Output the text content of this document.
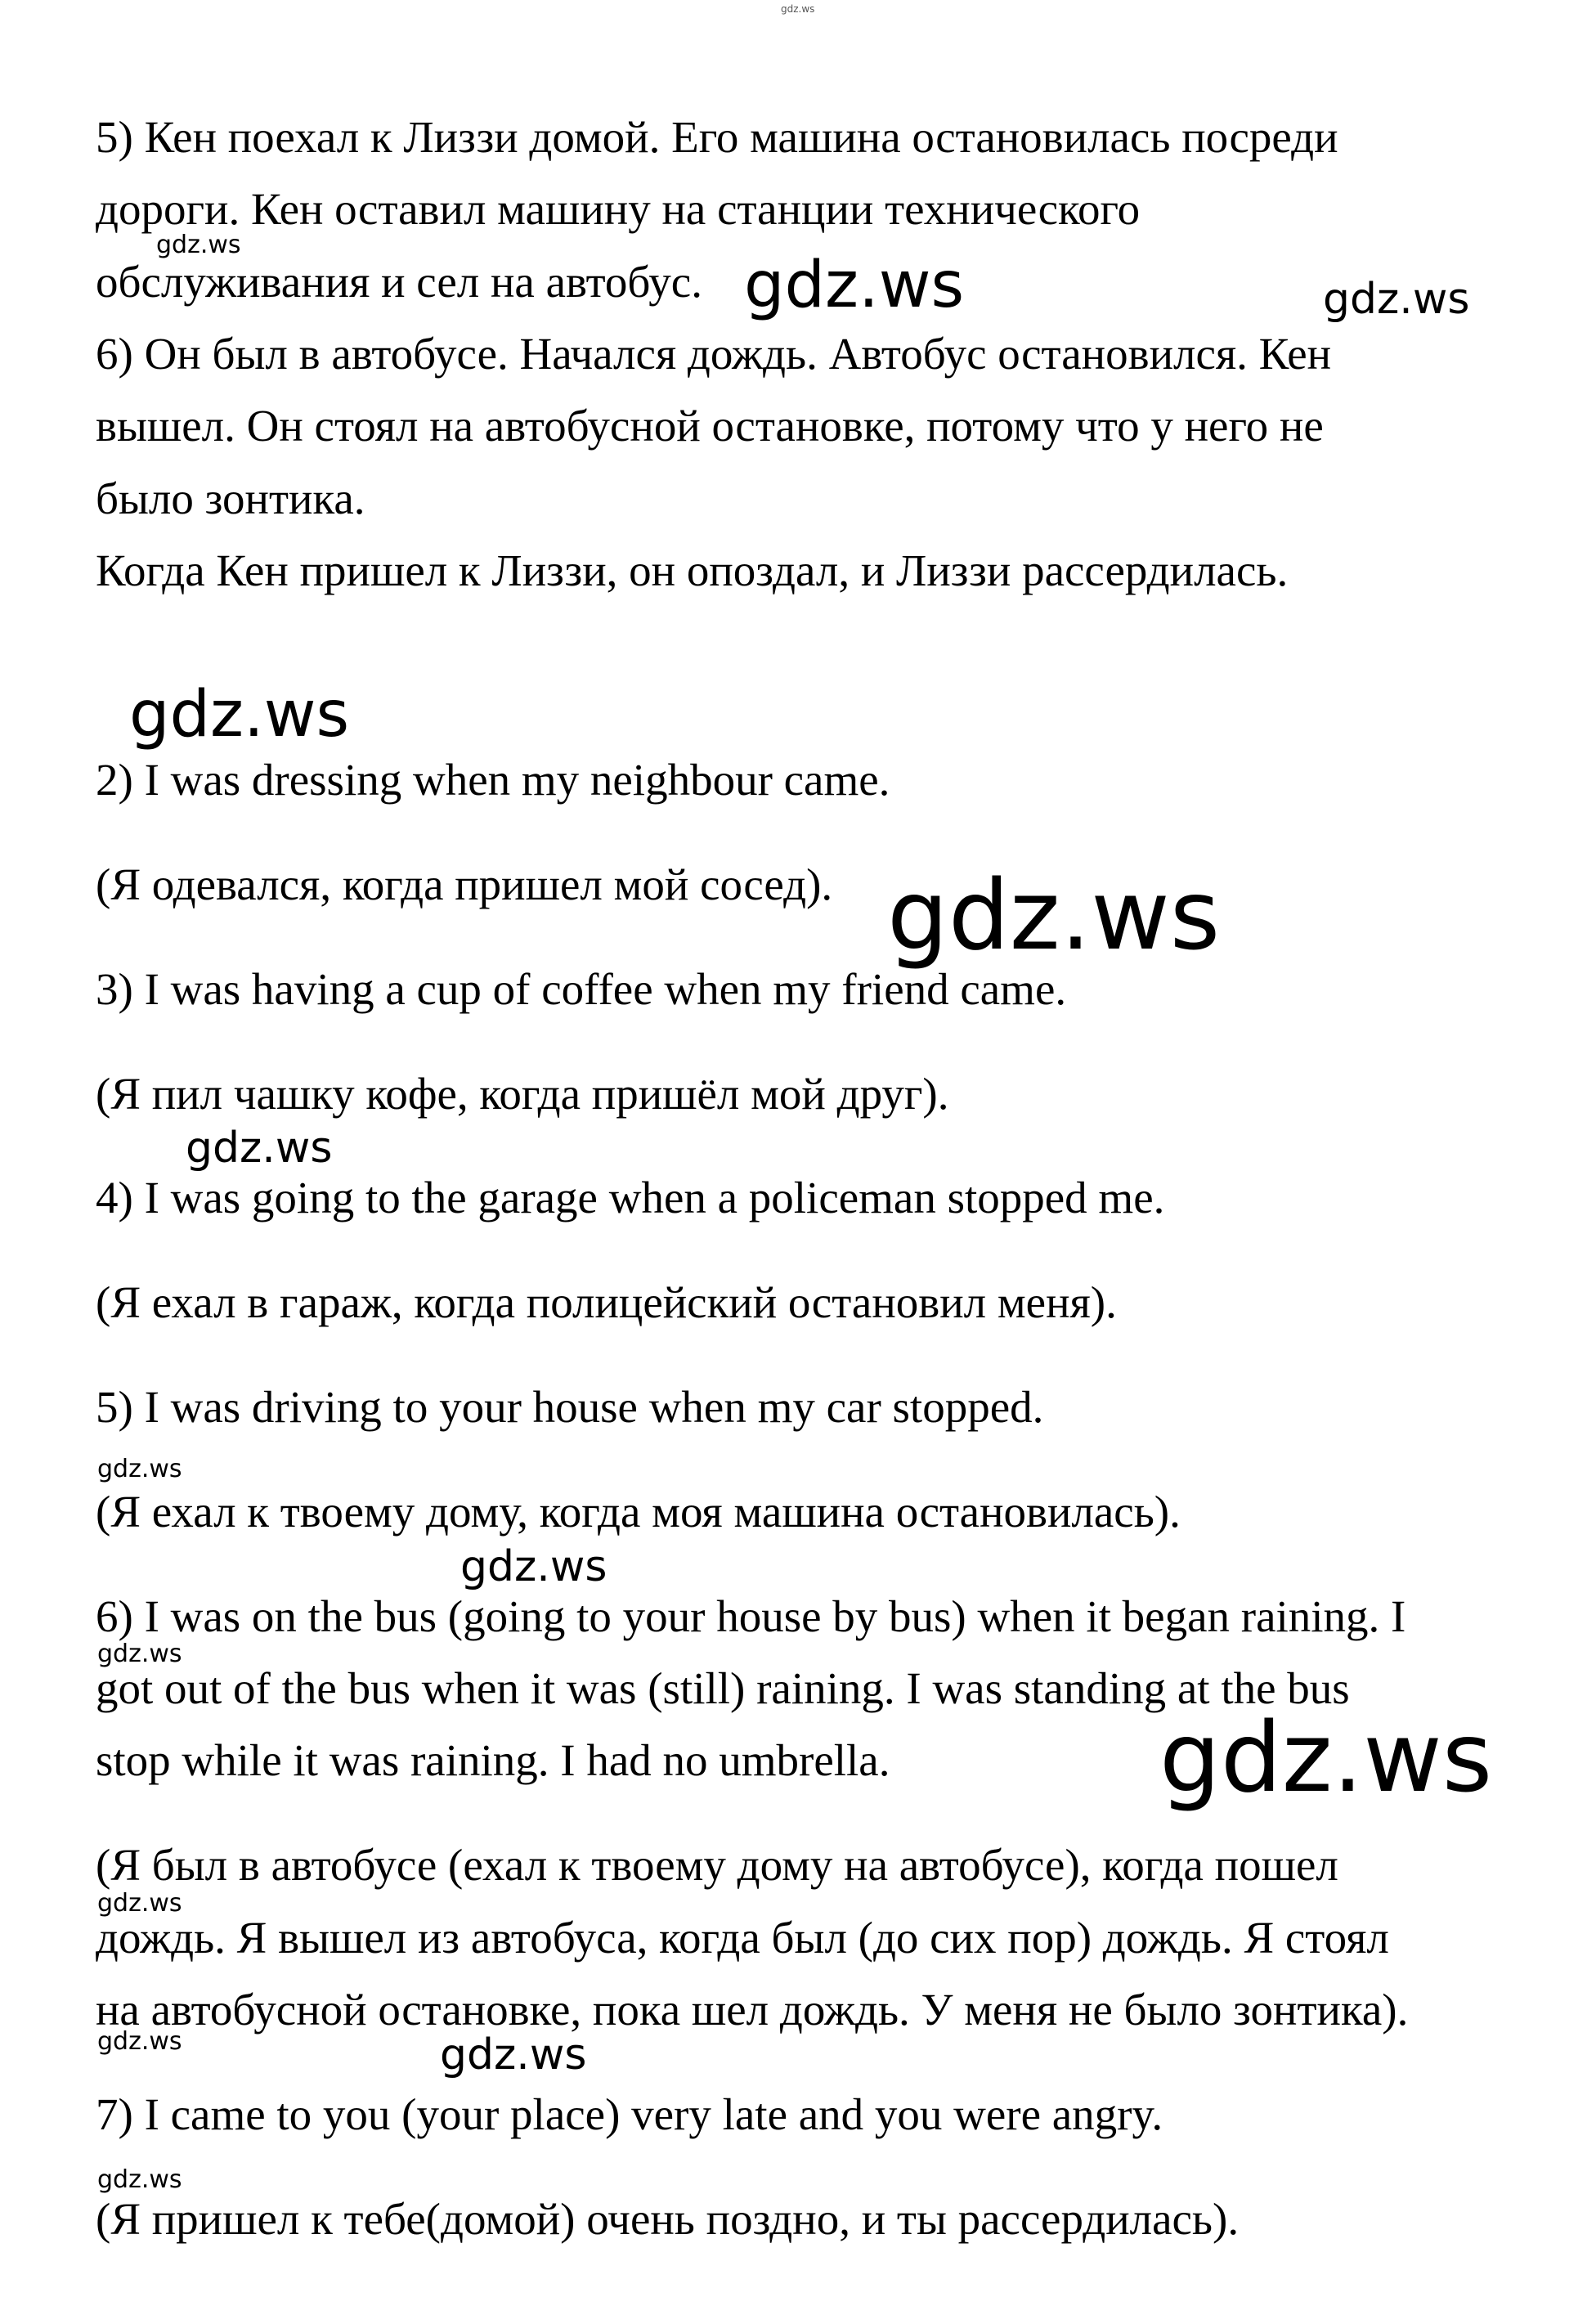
gdz.ws
gdz.ws
gdz.ws	gdz.ws
gdz.ws
gdz.ws
gdz.ws
gdz.ws
gdz.ws
gdz.ws
gdz.ws
gdz.ws
gdz.ws	gdz.ws
gdz.ws
5) Кен поехал к Лиззи домой. Его машина остановилась посреди
дороги. Кен оставил машину на станции технического
обслуживания и сел на автобус.
6) Он был в автобусе. Начался дождь. Автобус остановился. Кен
вышел. Он стоял на автобусной остановке, потому что у него не
было зонтика.
Когда Кен пришел к Лиззи, он опоздал, и Лиззи рассердилась.
2) I was dressing when my neighbour came.
(Я одевался, когда пришел мой сосед).
3) I was having a cup of coffee when my friend came.
(Я пил чашку кофе, когда пришёл мой друг).
4) I was going to the garage when a policeman stopped me.
(Я ехал в гараж, когда полицейский остановил меня).
5) I was driving to your house when my car stopped.
(Я ехал к твоему дому, когда моя машина остановилась).
6) I was on the bus (going to your house by bus) when it began raining. I
got out of the bus when it was (still) raining. I was standing at the bus
stop while it was raining. I had no umbrella.
(Я был в автобусе (ехал к твоему дому на автобусе), когда пошел
дождь. Я вышел из автобуса, когда был (до сих пор) дождь. Я стоял
на автобусной остановке, пока шел дождь. У меня не было зонтика).
7) I came to you (your place) very late and you were angry.
(Я пришел к тебе(домой) очень поздно, и ты рассердилась).
